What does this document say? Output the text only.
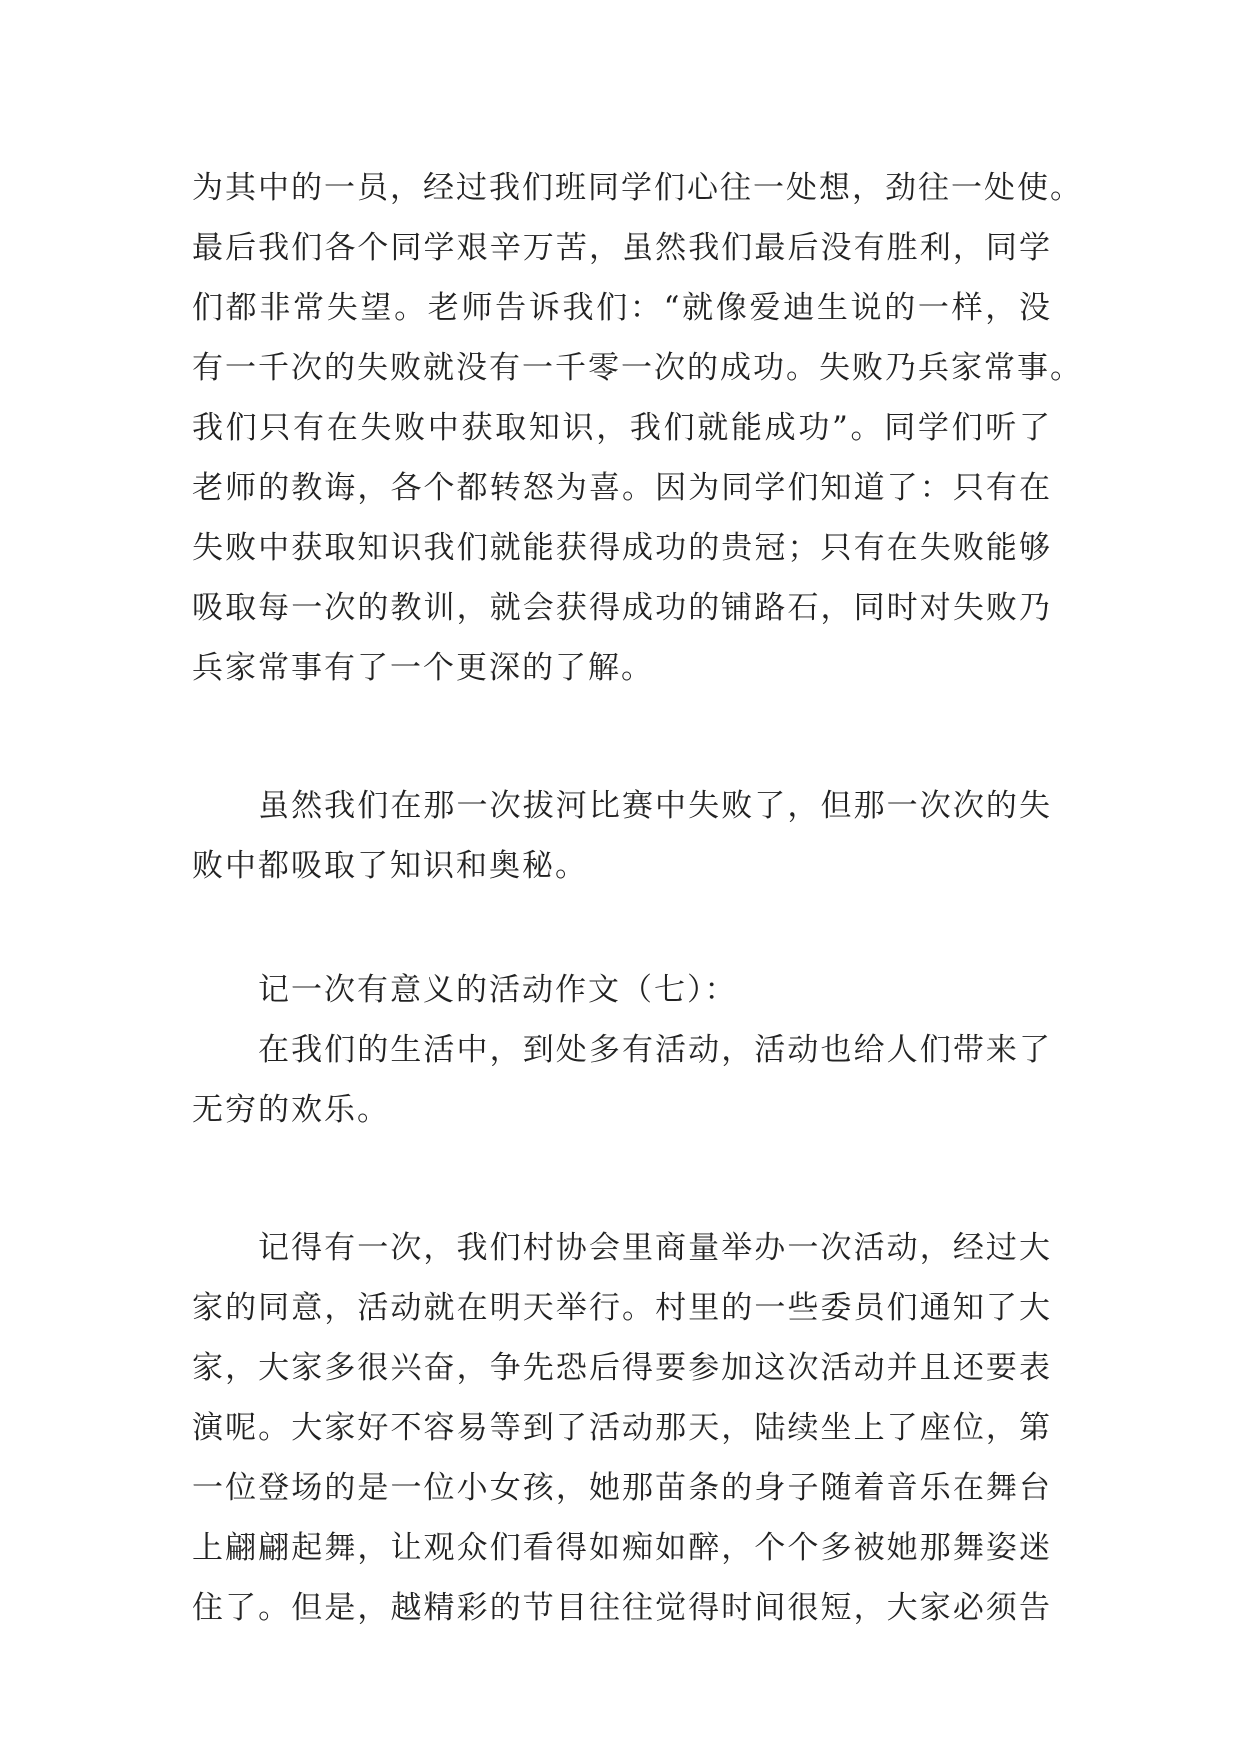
为其中的一员，经过我们班同学们心往一处想，劲往一处使。
最后我们各个同学艰辛万苦，虽然我们最后没有胜利，同学
们都非常失望。老师告诉我们：“就像爱迪生说的一样，没
有一千次的失败就没有一千零一次的成功。失败乃兵家常事。
我们只有在失败中获取知识，我们就能成功”。同学们听了
老师的教诲，各个都转怒为喜。因为同学们知道了：只有在
失败中获取知识我们就能获得成功的贵冠；只有在失败能够
吸取每一次的教训，就会获得成功的铺路石，同时对失败乃
兵家常事有了一个更深的了解。
虽然我们在那一次拔河比赛中失败了，但那一次次的失
败中都吸取了知识和奥秘。
记一次有意义的活动作文（七）：
在我们的生活中，到处多有活动，活动也给人们带来了
无穷的欢乐。
记得有一次，我们村协会里商量举办一次活动，经过大
家的同意，活动就在明天举行。村里的一些委员们通知了大
家，大家多很兴奋，争先恐后得要参加这次活动并且还要表
演呢。大家好不容易等到了活动那天，陆续坐上了座位，第
一位登场的是一位小女孩，她那苗条的身子随着音乐在舞台
上翩翩起舞，让观众们看得如痴如醉，个个多被她那舞姿迷
住了。但是，越精彩的节目往往觉得时间很短，大家必须告
